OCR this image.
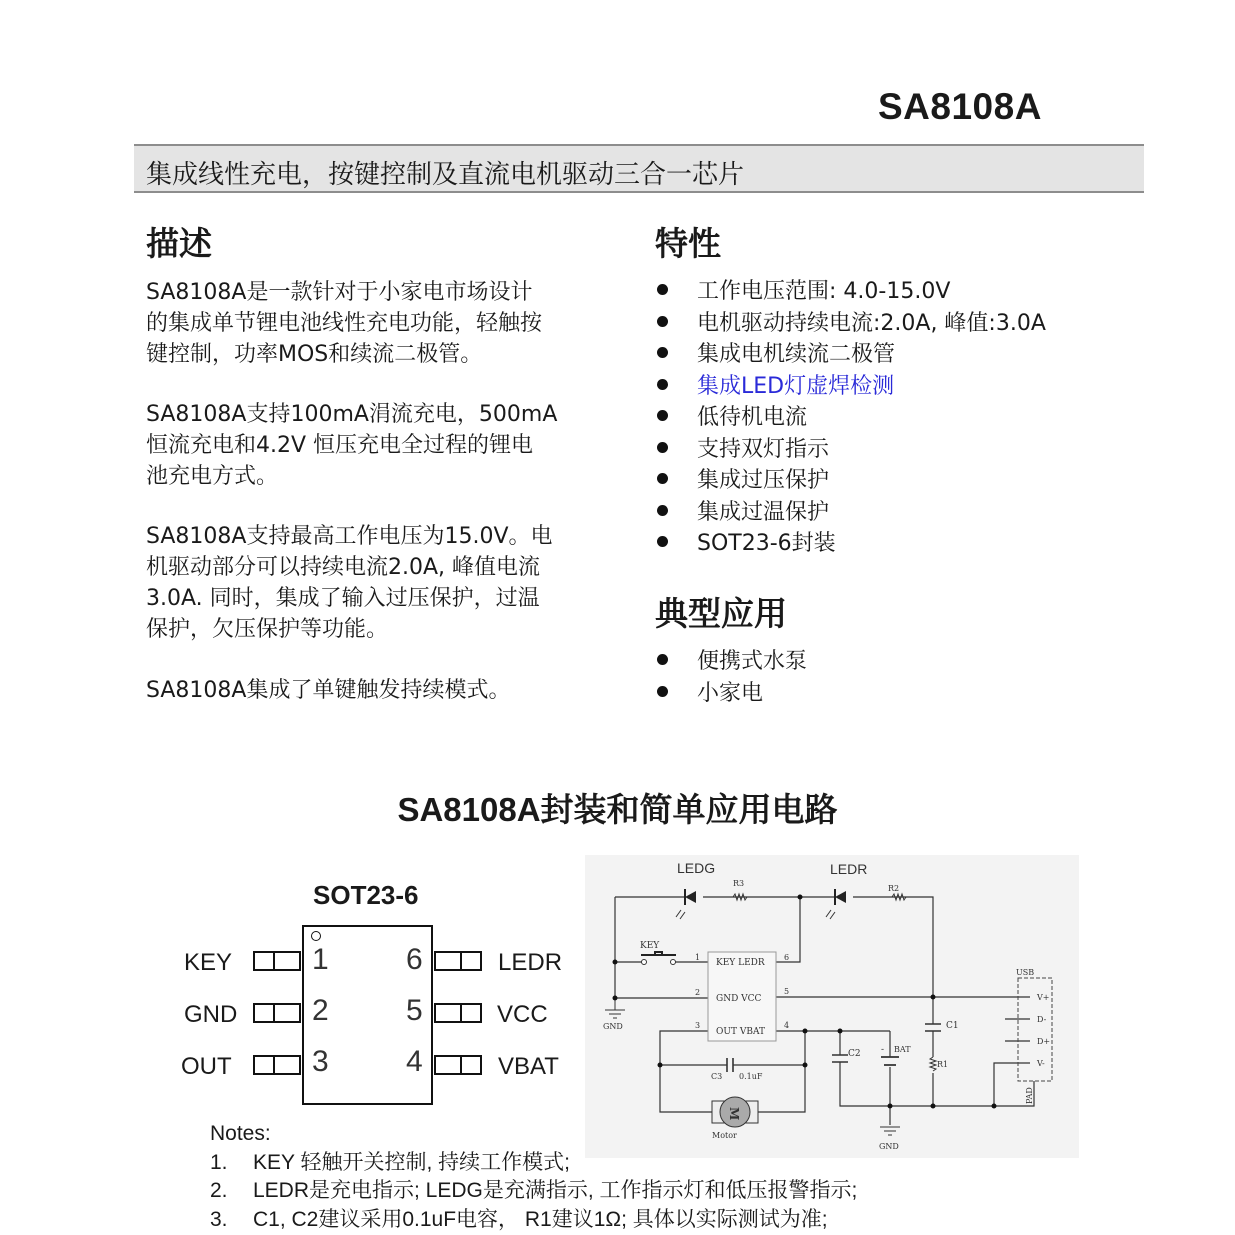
SA8108A
集成线性充电，按键控制及直流电机驱动三合一芯片
描述

SA8108A是一款针对于小家电市场设计

的集成单节锂电池线性充电功能，轻触按

键控制，功率MOS和续流二极管。

SA8108A支持100mA涓流充电，500mA

恒流充电和4.2V 恒压充电全过程的锂电

池充电方式。

SA8108A支持最高工作电压为15.0V。电

机驱动部分可以持续电流2.0A, 峰值电流

3.0A. 同时，集成了输入过压保护，过温

保护，欠压保护等功能。

SA8108A集成了单键触发持续模式。

特性
工作电压范围: 4.0-15.0V
电机驱动持续电流:2.0A, 峰值:3.0A
集成电机续流二极管
集成LED灯虚焊检测
低待机电流
支持双灯指示
集成过压保护
集成过温保护
SOT23-6封装
典型应用
便携式水泵
小家电
SA8108A封装和简单应用电路
SOT23-6
KEY	1
GND 2
OUT	3
6	LEDR
5	VCC
4	VBAT
LEDG	LEDR
R3
R2
KEY
KEY LEDR
GND VCC
OUT VBAT
1
2
3	4
5
6
GND
GND
C1
C2
C3 0.1uF
BAT
-
R1
Motor
M
USB
V+
D-
D+
V-
PAD
Notes:
1.	KEY 轻触开关控制, 持续工作模式;
2.	LEDR是充电指示; LEDG是充满指示, 工作指示灯和低压报警指示;
3.	C1, C2建议采用0.1uF电容， R1建议1Ω; 具体以实际测试为准;
